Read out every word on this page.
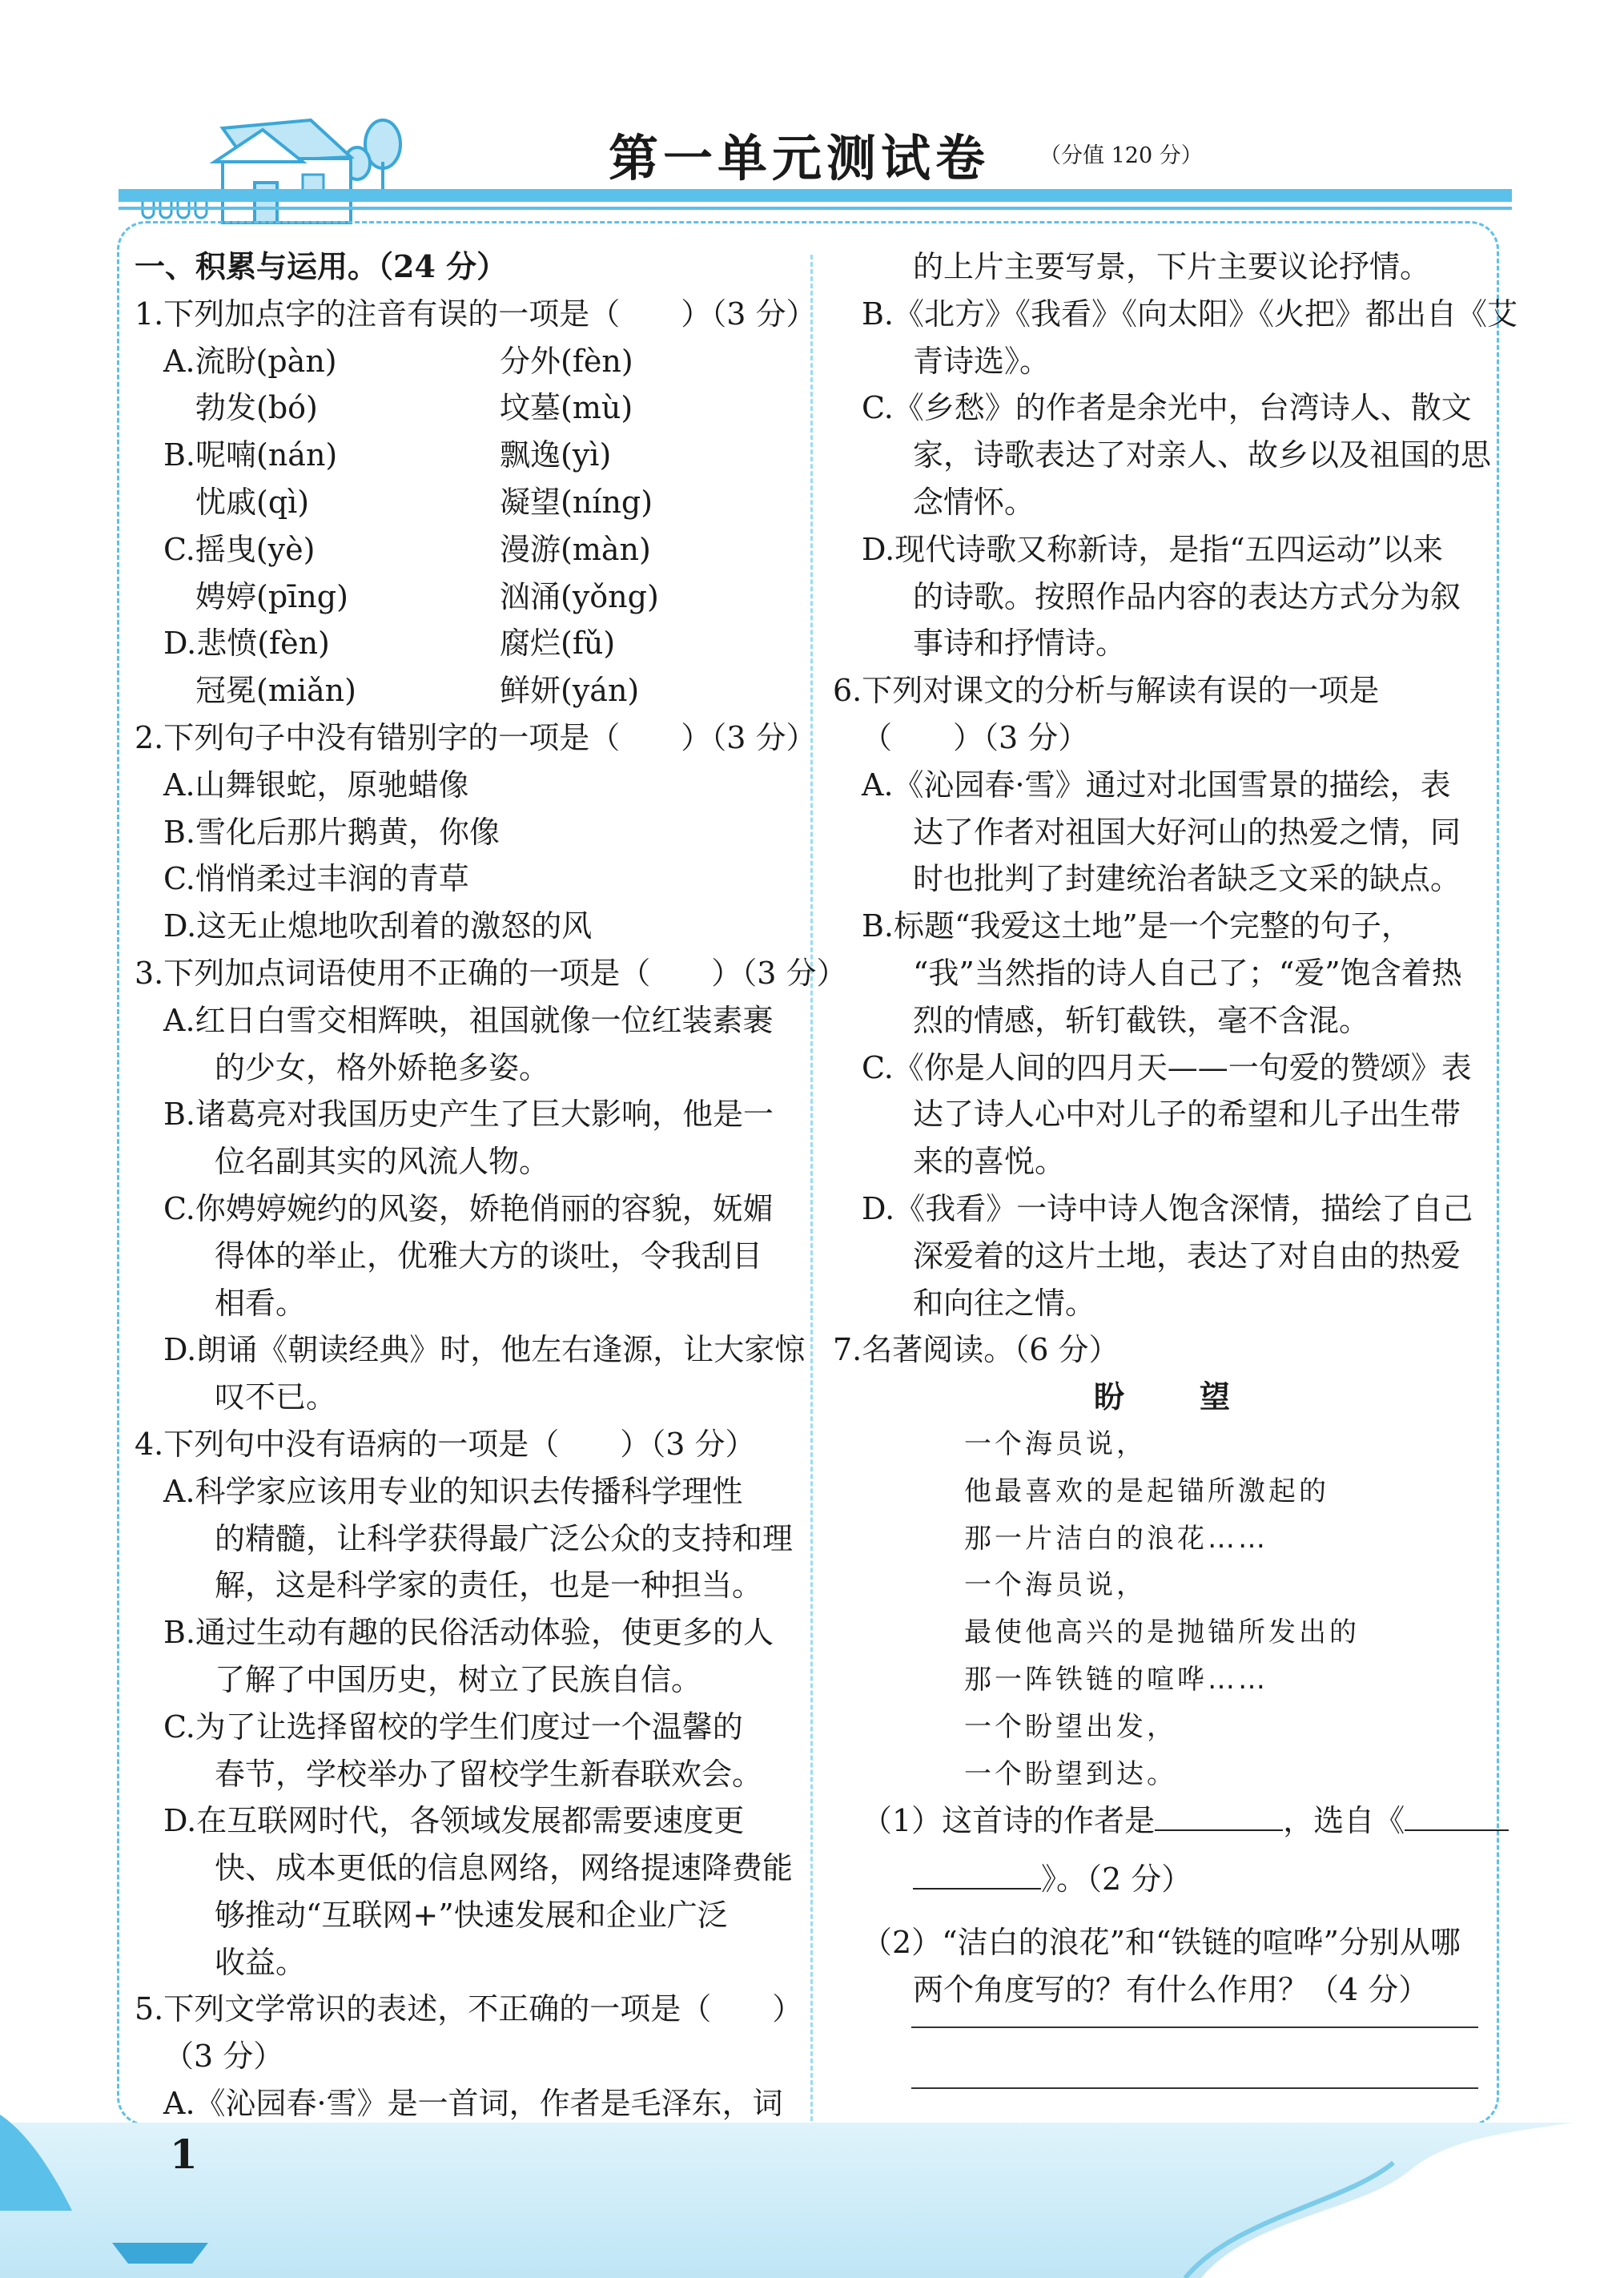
第一单元测试卷 （分值 120 分）
一、积累与运用。（24 分）
1.下列加点字的注音有误的一项是（　　）（3 分）
A.流盼(pàn)	分外(fèn)
勃发(bó)	坟墓(mù)
B.呢喃(nán)	飘逸(yì)
忧戚(qì)	凝望(níng)
C.摇曳(yè)	漫游(màn)
娉婷(pīng)	汹涌(yǒng)
D.悲愤(fèn)	腐烂(fǔ)
冠冕(miǎn)	鲜妍(yán)
2.下列句子中没有错别字的一项是（　　）（3 分）
A.山舞银蛇，原驰蜡像
B.雪化后那片鹅黄，你像
C.悄悄柔过丰润的青草
D.这无止熄地吹刮着的激怒的风
3.下列加点词语使用不正确的一项是（　　）（3 分）
A.红日白雪交相辉映，祖国就像一位红装素裹
的少女，格外娇艳多姿。
B.诸葛亮对我国历史产生了巨大影响，他是一
位名副其实的风流人物。
C.你娉婷婉约的风姿，娇艳俏丽的容貌，妩媚
得体的举止，优雅大方的谈吐，令我刮目
相看。
D.朗诵《朝读经典》时，他左右逢源，让大家惊
叹不已。
4.下列句中没有语病的一项是（　　）（3 分）
A.科学家应该用专业的知识去传播科学理性
的精髓，让科学获得最广泛公众的支持和理
解，这是科学家的责任，也是一种担当。
B.通过生动有趣的民俗活动体验，使更多的人
了解了中国历史，树立了民族自信。
C.为了让选择留校的学生们度过一个温馨的
春节，学校举办了留校学生新春联欢会。
D.在互联网时代，各领域发展都需要速度更
快、成本更低的信息网络，网络提速降费能
够推动“互联网+”快速发展和企业广泛
收益。
5.下列文学常识的表述，不正确的一项是（　　）
（3 分）
A.《沁园春·雪》是一首词，作者是毛泽东，词
的上片主要写景，下片主要议论抒情。
B.《北方》《我看》《向太阳》《火把》都出自《艾
青诗选》。
C.《乡愁》的作者是余光中，台湾诗人、散文
家，诗歌表达了对亲人、故乡以及祖国的思
念情怀。
D.现代诗歌又称新诗，是指“五四运动”以来
的诗歌。按照作品内容的表达方式分为叙
事诗和抒情诗。
6.下列对课文的分析与解读有误的一项是
（　　）（3 分）
A.《沁园春·雪》通过对北国雪景的描绘，表
达了作者对祖国大好河山的热爱之情，同
时也批判了封建统治者缺乏文采的缺点。
B.标题“我爱这土地”是一个完整的句子，
“我”当然指的诗人自己了；“爱”饱含着热
烈的情感，斩钉截铁，毫不含混。
C.《你是人间的四月天——一句爱的赞颂》表
达了诗人心中对儿子的希望和儿子出生带
来的喜悦。
D.《我看》一诗中诗人饱含深情，描绘了自己
深爱着的这片土地，表达了对自由的热爱
和向往之情。
7.名著阅读。（6 分）
盼　望
一个海员说，
他最喜欢的是起锚所激起的
那一片洁白的浪花……
一个海员说，
最使他高兴的是抛锚所发出的
那一阵铁链的喧哗……
一个盼望出发，
一个盼望到达。
（1）这首诗的作者是	，选自《
》。（2 分）
（2）“洁白的浪花”和“铁链的喧哗”分别从哪
两个角度写的？有什么作用？（4 分）
1
